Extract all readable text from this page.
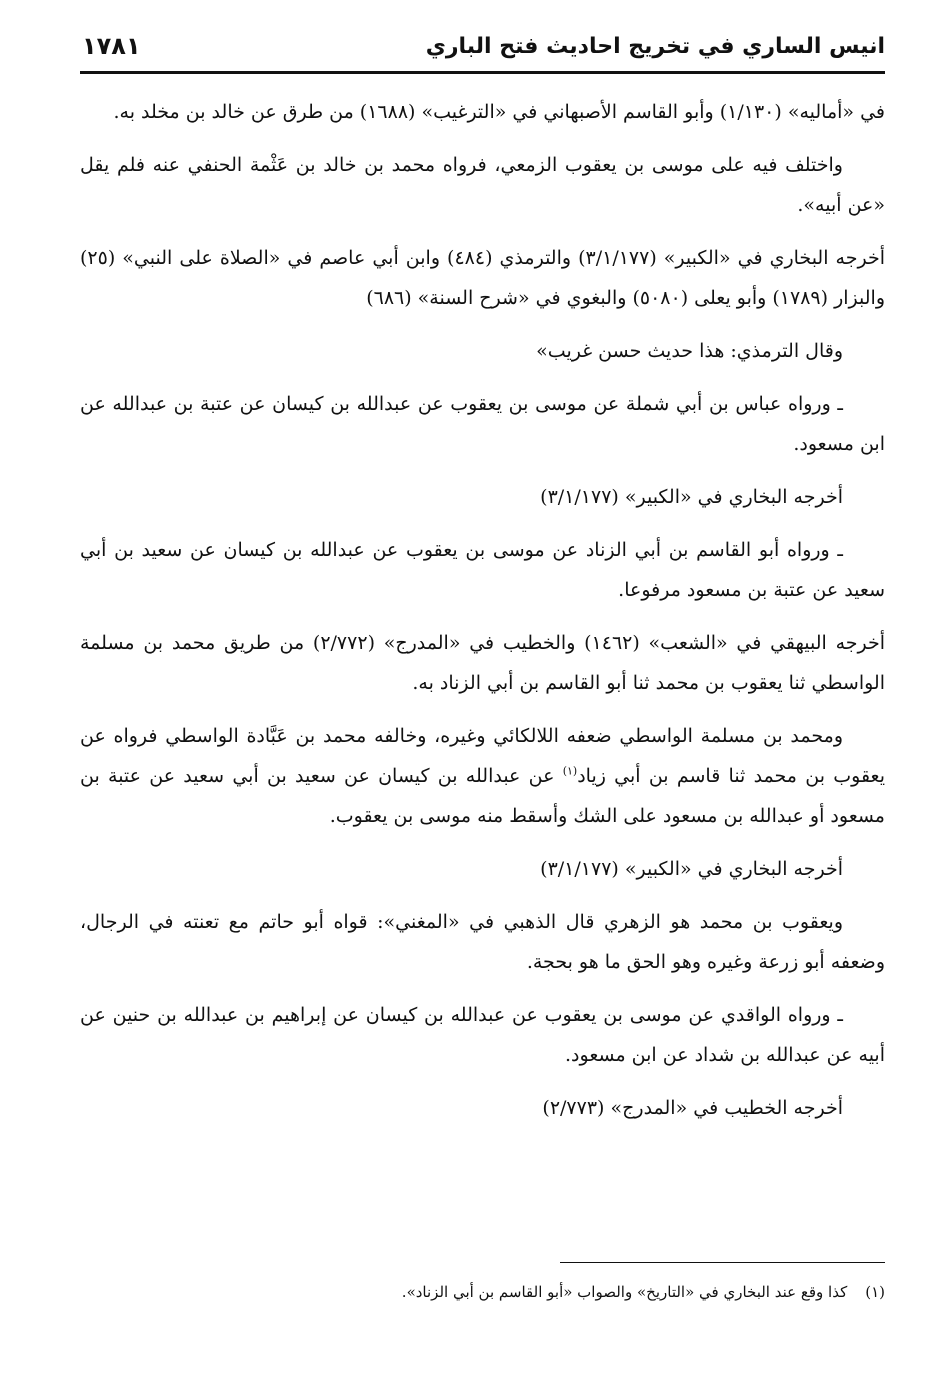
انيس الساري في تخريج احاديث فتح الباري
١٧٨١

في «أماليه» (١/١٣٠) وأبو القاسم الأصبهاني في «الترغيب» (١٦٨٨) من طرق عن خالد بن مخلد به.

واختلف فيه على موسى بن يعقوب الزمعي، فرواه محمد بن خالد بن عَثْمة الحنفي عنه فلم يقل «عن أبيه».

أخرجه البخاري في «الكبير» (٣/١/١٧٧) والترمذي (٤٨٤) وابن أبي عاصم في «الصلاة على النبي» (٢٥) والبزار (١٧٨٩) وأبو يعلى (٥٠٨٠) والبغوي في «شرح السنة» (٦٨٦)

وقال الترمذي: هذا حديث حسن غريب»

ـ ورواه عباس بن أبي شملة عن موسى بن يعقوب عن عبدالله بن كيسان عن عتبة بن عبدالله عن ابن مسعود.

أخرجه البخاري في «الكبير» (٣/١/١٧٧)

ـ ورواه أبو القاسم بن أبي الزناد عن موسى بن يعقوب عن عبدالله بن كيسان عن سعيد بن أبي سعيد عن عتبة بن مسعود مرفوعا.

أخرجه البيهقي في «الشعب» (١٤٦٢) والخطيب في «المدرج» (٢/٧٧٢) من طريق محمد بن مسلمة الواسطي ثنا يعقوب بن محمد ثنا أبو القاسم بن أبي الزناد به.

ومحمد بن مسلمة الواسطي ضعفه اللالكائي وغيره، وخالفه محمد بن عَبَّادة الواسطي فرواه عن يعقوب بن محمد ثنا قاسم بن أبي زياد$^{(١)}$ عن عبدالله بن كيسان عن سعيد بن أبي سعيد عن عتبة بن مسعود أو عبدالله بن مسعود على الشك وأسقط منه موسى بن يعقوب.

أخرجه البخاري في «الكبير» (٣/١/١٧٧)

ويعقوب بن محمد هو الزهري قال الذهبي في «المغني»: قواه أبو حاتم مع تعنته في الرجال، وضعفه أبو زرعة وغيره وهو الحق ما هو بحجة.

ـ ورواه الواقدي عن موسى بن يعقوب عن عبدالله بن كيسان عن إبراهيم بن عبدالله بن حنين عن أبيه عن عبدالله بن شداد عن ابن مسعود.

أخرجه الخطيب في «المدرج» (٢/٧٧٣)

(١)كذا وقع عند البخاري في «التاريخ» والصواب «أبو القاسم بن أبي الزناد».
